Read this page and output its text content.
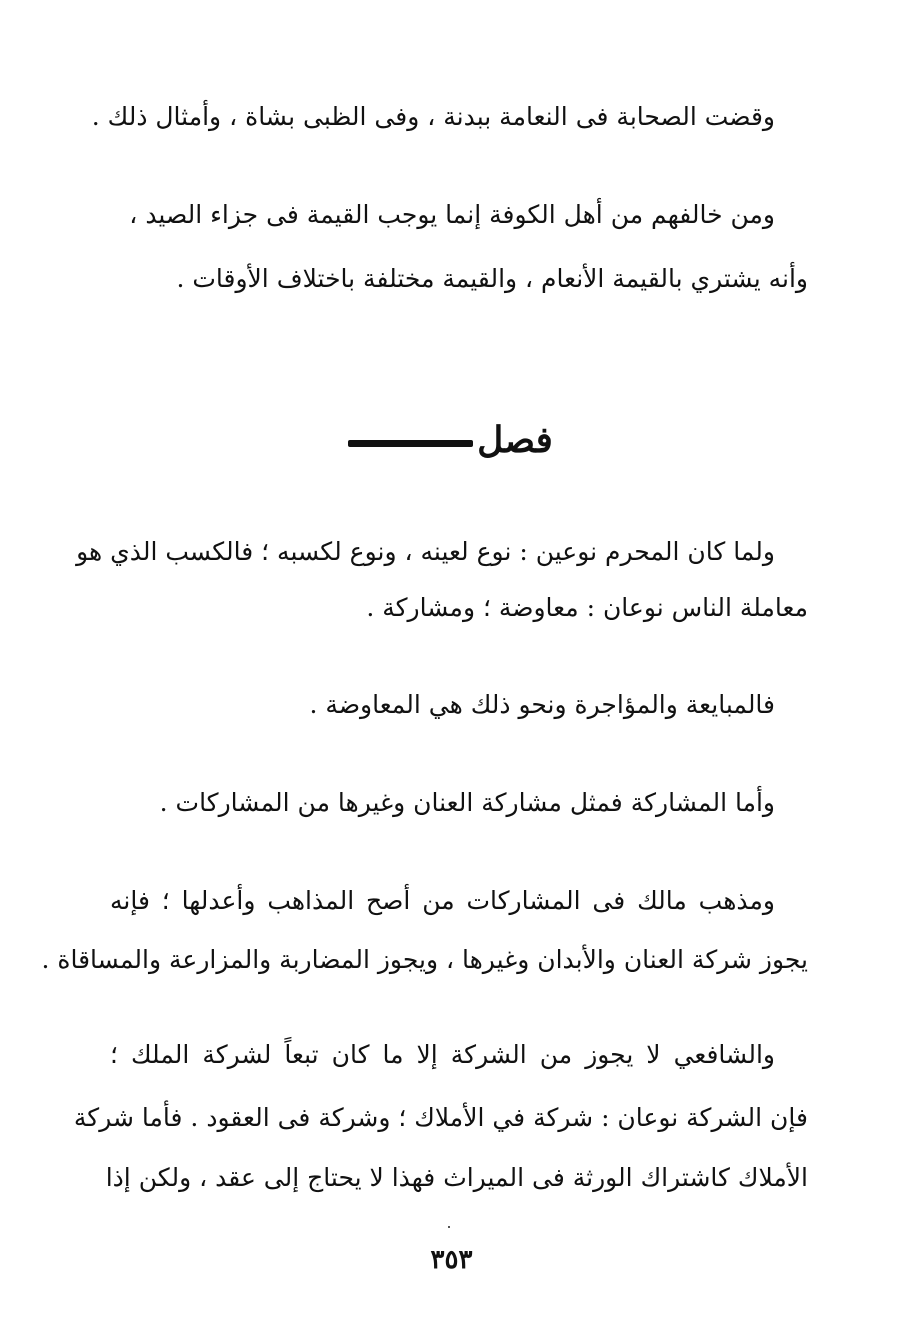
وقضت الصحابة فى النعامة ببدنة ، وفى الظبى بشاة ، وأمثال ذلك .
ومن خالفهم من أهل الكوفة إنما يوجب القيمة فى جزاء الصيد ،
وأنه يشتري بالقيمة الأنعام ، والقيمة مختلفة باختلاف الأوقات .
فصل
ولما كان المحرم نوعين : نوع لعينه ، ونوع لكسبه ؛ فالكسب الذي هو
معاملة الناس نوعان : معاوضة ؛ ومشاركة .
فالمبايعة والمؤاجرة ونحو ذلك هي المعاوضة .
وأما المشاركة فمثل مشاركة العنان وغيرها من المشاركات .
ومذهب مالك فى المشاركات من أصح المذاهب وأعدلها ؛ فإنه
يجوز شركة العنان والأبدان وغيرها ، ويجوز المضاربة والمزارعة والمساقاة .
والشافعي لا يجوز من الشركة إلا ما كان تبعاً لشركة الملك ؛
فإن الشركة نوعان : شركة في الأملاك ؛ وشركة فى العقود . فأما شركة
الأملاك كاشتراك الورثة فى الميراث فهذا لا يحتاج إلى عقد ، ولكن إذا
٣٥٣
